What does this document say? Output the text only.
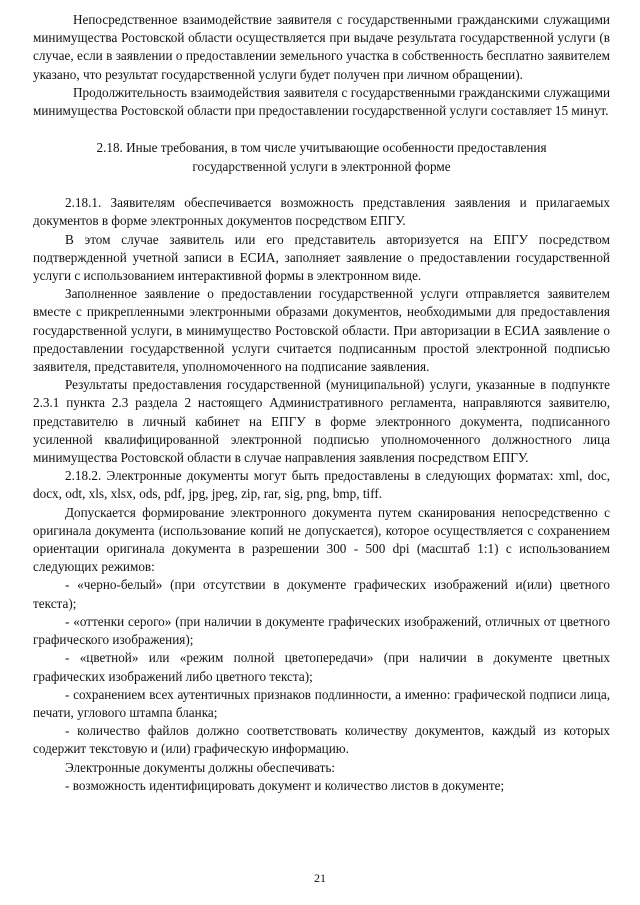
Непосредственное взаимодействие заявителя с государственными гражданскими служащими минимущества Ростовской области осуществляется при выдаче результата государственной услуги (в случае, если в заявлении о предоставлении земельного участка в собственность бесплатно заявителем указано, что результат государственной услуги будет получен при личном обращении).

Продолжительность взаимодействия заявителя с государственными гражданскими служащими минимущества Ростовской области при предоставлении государственной услуги составляет 15 минут.

2.18. Иные требования, в том числе учитывающие особенности предоставления
государственной услуги в электронной форме

2.18.1. Заявителям обеспечивается возможность представления заявления и прилагаемых документов в форме электронных документов посредством ЕПГУ.

В этом случае заявитель или его представитель авторизуется на ЕПГУ посредством подтвержденной учетной записи в ЕСИА, заполняет заявление о предоставлении государственной услуги с использованием интерактивной формы в электронном виде.

Заполненное заявление о предоставлении государственной услуги отправляется заявителем вместе с прикрепленными электронными образами документов, необходимыми для предоставления государственной услуги, в минимущество Ростовской области. При авторизации в ЕСИА заявление о предоставлении государственной услуги считается подписанным простой электронной подписью заявителя, представителя, уполномоченного на подписание заявления.

Результаты предоставления государственной (муниципальной) услуги, указанные в подпункте 2.3.1 пункта 2.3 раздела 2 настоящего Административного регламента, направляются заявителю, представителю в личный кабинет на ЕПГУ в форме электронного документа, подписанного усиленной квалифицированной электронной подписью уполномоченного должностного лица минимущества Ростовской области в случае направления заявления посредством ЕПГУ.

2.18.2. Электронные документы могут быть предоставлены в следующих форматах: xml, doc, docx, odt, xls, xlsx, ods, pdf, jpg, jpeg, zip, rar, sig, png, bmp, tiff.

Допускается формирование электронного документа путем сканирования непосредственно с оригинала документа (использование копий не допускается), которое осуществляется с сохранением ориентации оригинала документа в разрешении 300 - 500 dpi (масштаб 1:1) с использованием следующих режимов:

- «черно-белый» (при отсутствии в документе графических изображений и(или) цветного текста);

- «оттенки серого» (при наличии в документе графических изображений, отличных от цветного графического изображения);

- «цветной» или «режим полной цветопередачи» (при наличии в документе цветных графических изображений либо цветного текста);

- сохранением всех аутентичных признаков подлинности, а именно: графической подписи лица, печати, углового штампа бланка;

- количество файлов должно соответствовать количеству документов, каждый из которых содержит текстовую и (или) графическую информацию.

Электронные документы должны обеспечивать:

- возможность идентифицировать документ и количество листов в документе;

21
